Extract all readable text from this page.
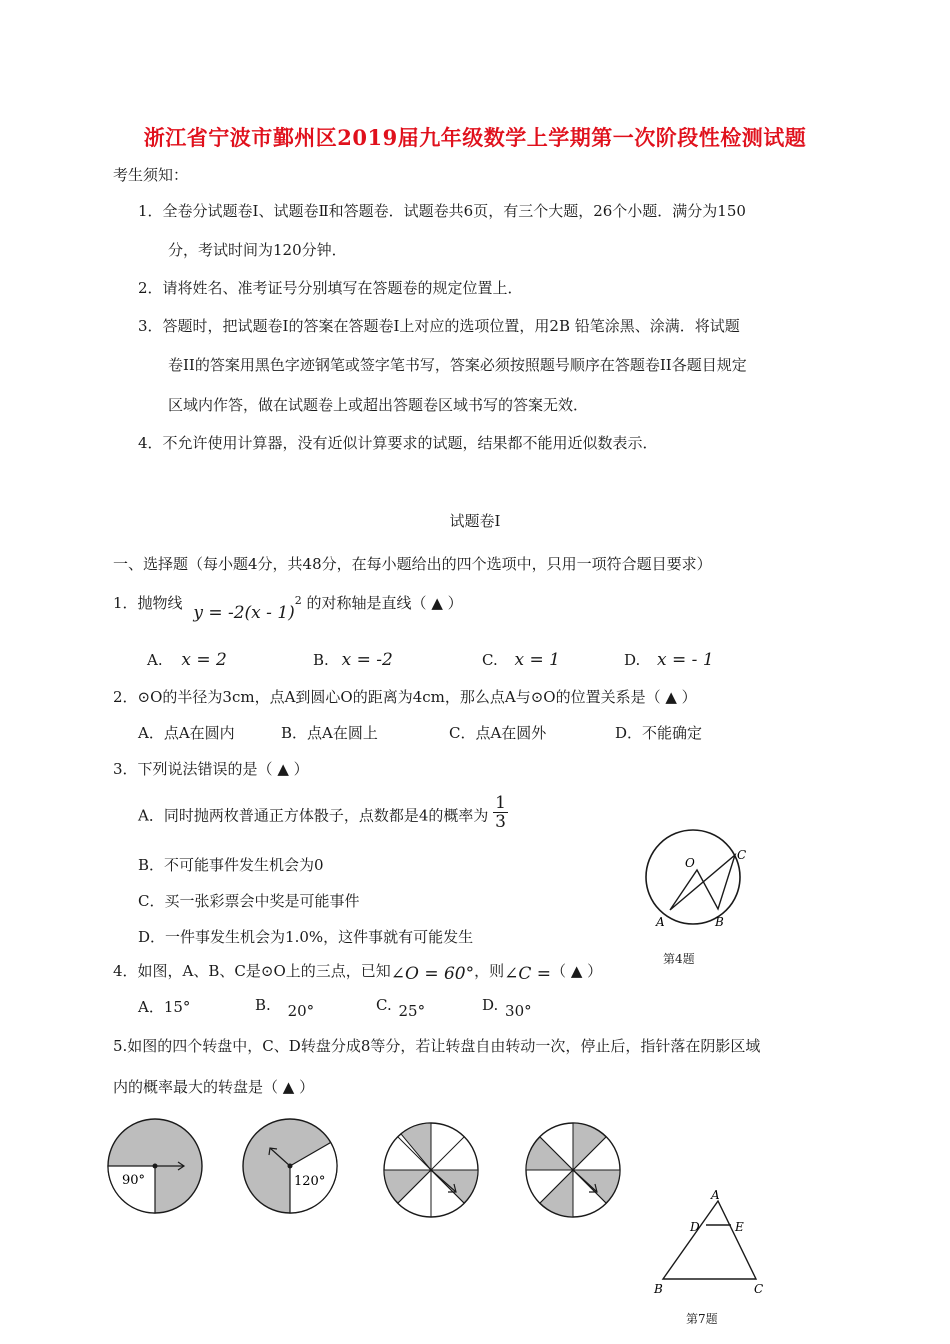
浙江省宁波市鄞州区2019届九年级数学上学期第一次阶段性检测试题
考生须知：
1．全卷分试题卷Ⅰ、试题卷Ⅱ和答题卷．试题卷共6页，有三个大题，26个小题．满分为150
分，考试时间为120分钟．
2．请将姓名、准考证号分别填写在答题卷的规定位置上．
3．答题时，把试题卷I的答案在答题卷I上对应的选项位置，用2B 铅笔涂黑、涂满．将试题
卷II的答案用黑色字迹钢笔或签字笔书写，答案必须按照题号顺序在答题卷II各题目规定
区域内作答，做在试题卷上或超出答题卷区域书写的答案无效．
4．不允许使用计算器，没有近似计算要求的试题，结果都不能用近似数表示．
试题卷Ⅰ
一、选择题（每小题4分，共48分，在每小题给出的四个选项中，只用一项符合题目要求）
1．抛物线 y = -2(x - 1)$^2$ 的对称轴是直线（ ▲ ）
A. x = 2	B. x = -2	C. x = 1	D. x = - 1
2．⊙O的半径为3cm，点A到圆心O的距离为4cm，那么点A与⊙O的位置关系是（ ▲ ）
A．点A在圆内	B．点A在圆上	C．点A在圆外	D．不能确定
3．下列说法错误的是（ ▲ ）
A．同时抛两枚普通正方体骰子，点数都是4的概率为 $\frac{1}{3}$
B．不可能事件发生机会为0
C．买一张彩票会中奖是可能事件
D．一件事发生机会为1.0%，这件事就有可能发生
O
A	B
C
第4题
4．如图，A、B、C是⊙O上的三点，已知∠O = 60°，则∠C =（ ▲ ）
A．15°	B. 20°	C. 25°	D. 30°
5.如图的四个转盘中，C、D转盘分成8等分，若让转盘自由转动一次，停止后，指针落在阴影区域
内的概率最大的转盘是（ ▲ ）
90°	120°
A
D	E
B	C
第7题
